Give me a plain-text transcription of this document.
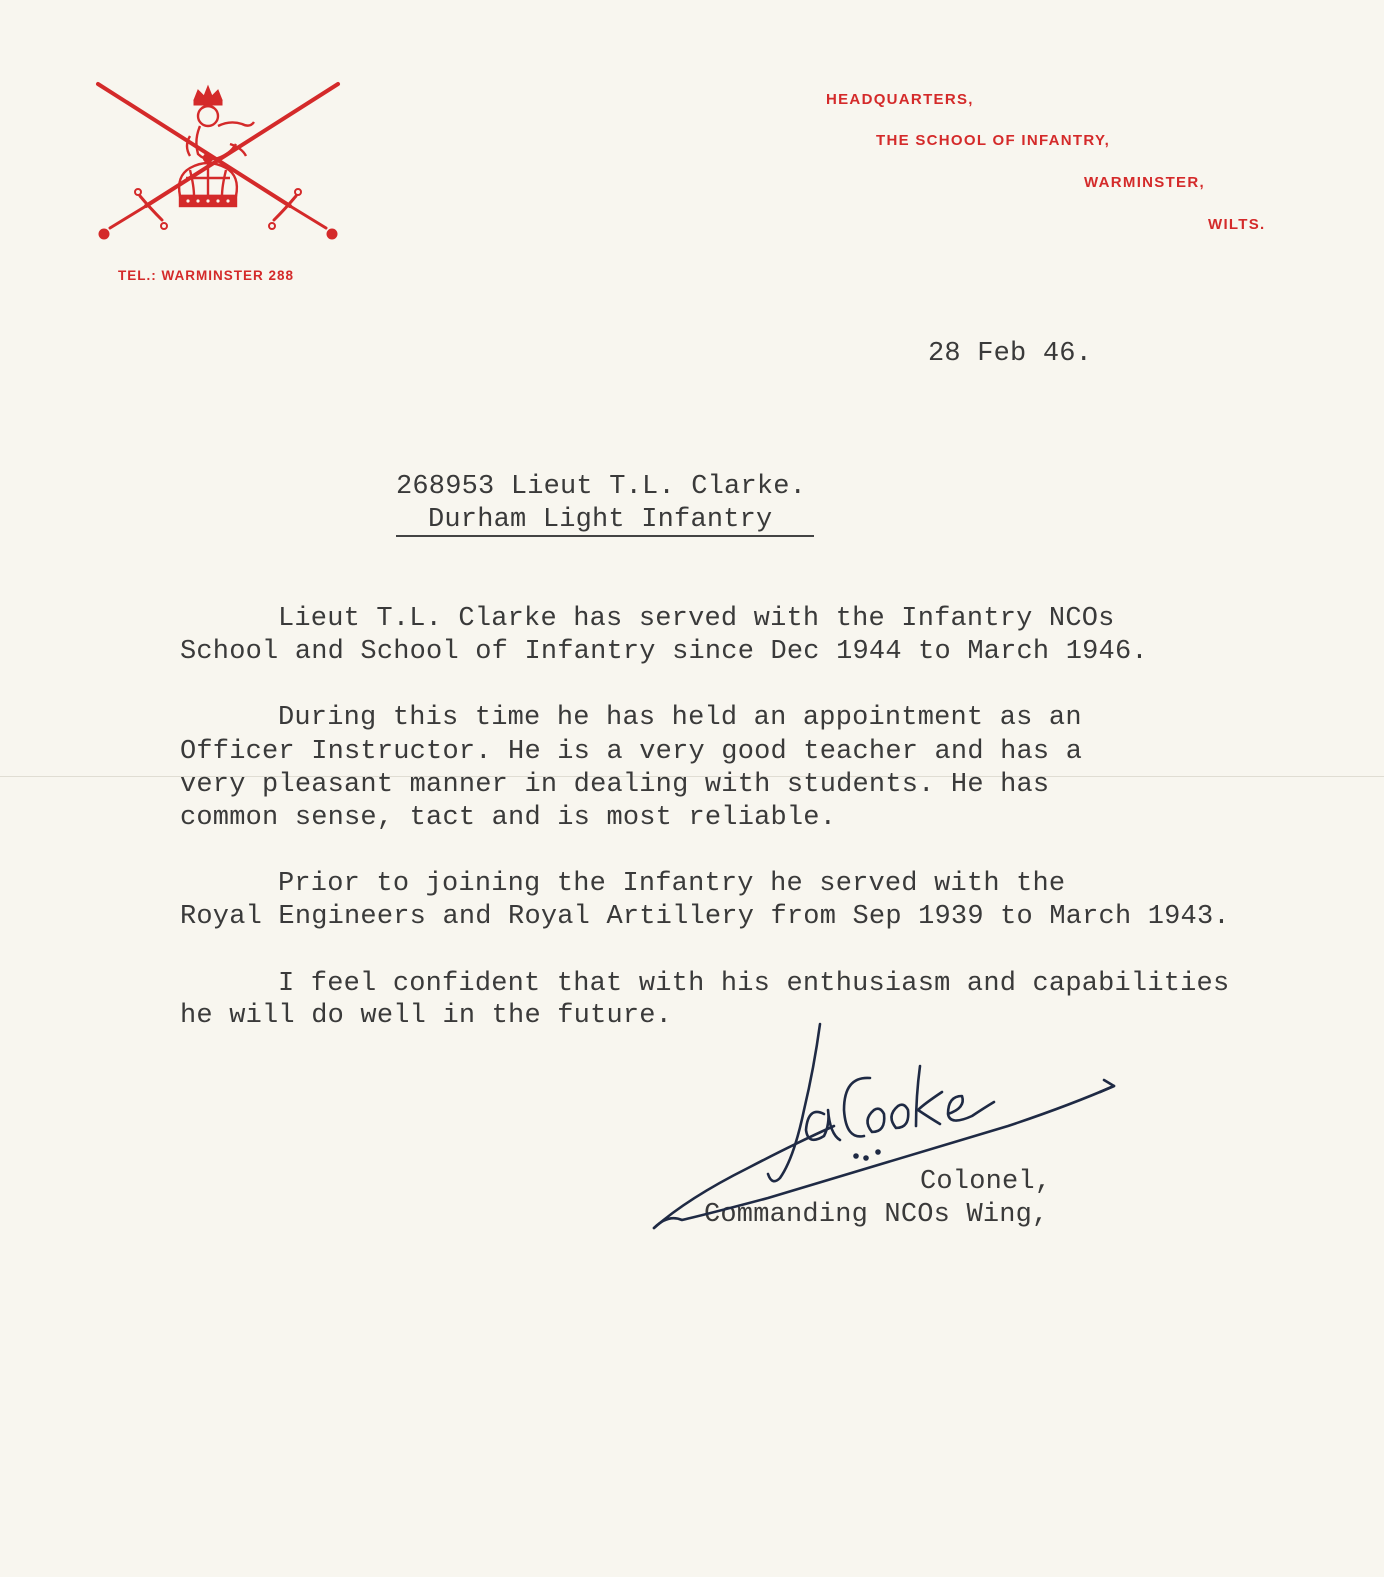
TEL.: WARMINSTER 288
HEADQUARTERS,
THE SCHOOL OF INFANTRY,
WARMINSTER,
WILTS.
28 Feb 46.
268953 Lieut T.L. Clarke.
Durham Light Infantry
Lieut T.L. Clarke has served with the Infantry NCOs
School and School of Infantry since Dec 1944 to March 1946.
During this time he has held an appointment as an
Officer Instructor. He is a very good teacher and has a
very pleasant manner in dealing with students. He has
common sense, tact and is most reliable.
Prior to joining the Infantry he served with the
Royal Engineers and Royal Artillery from Sep 1939 to March 1943.
I feel confident that with his enthusiasm and capabilities
he will do well in the future.
Colonel,
Commanding NCOs Wing,
